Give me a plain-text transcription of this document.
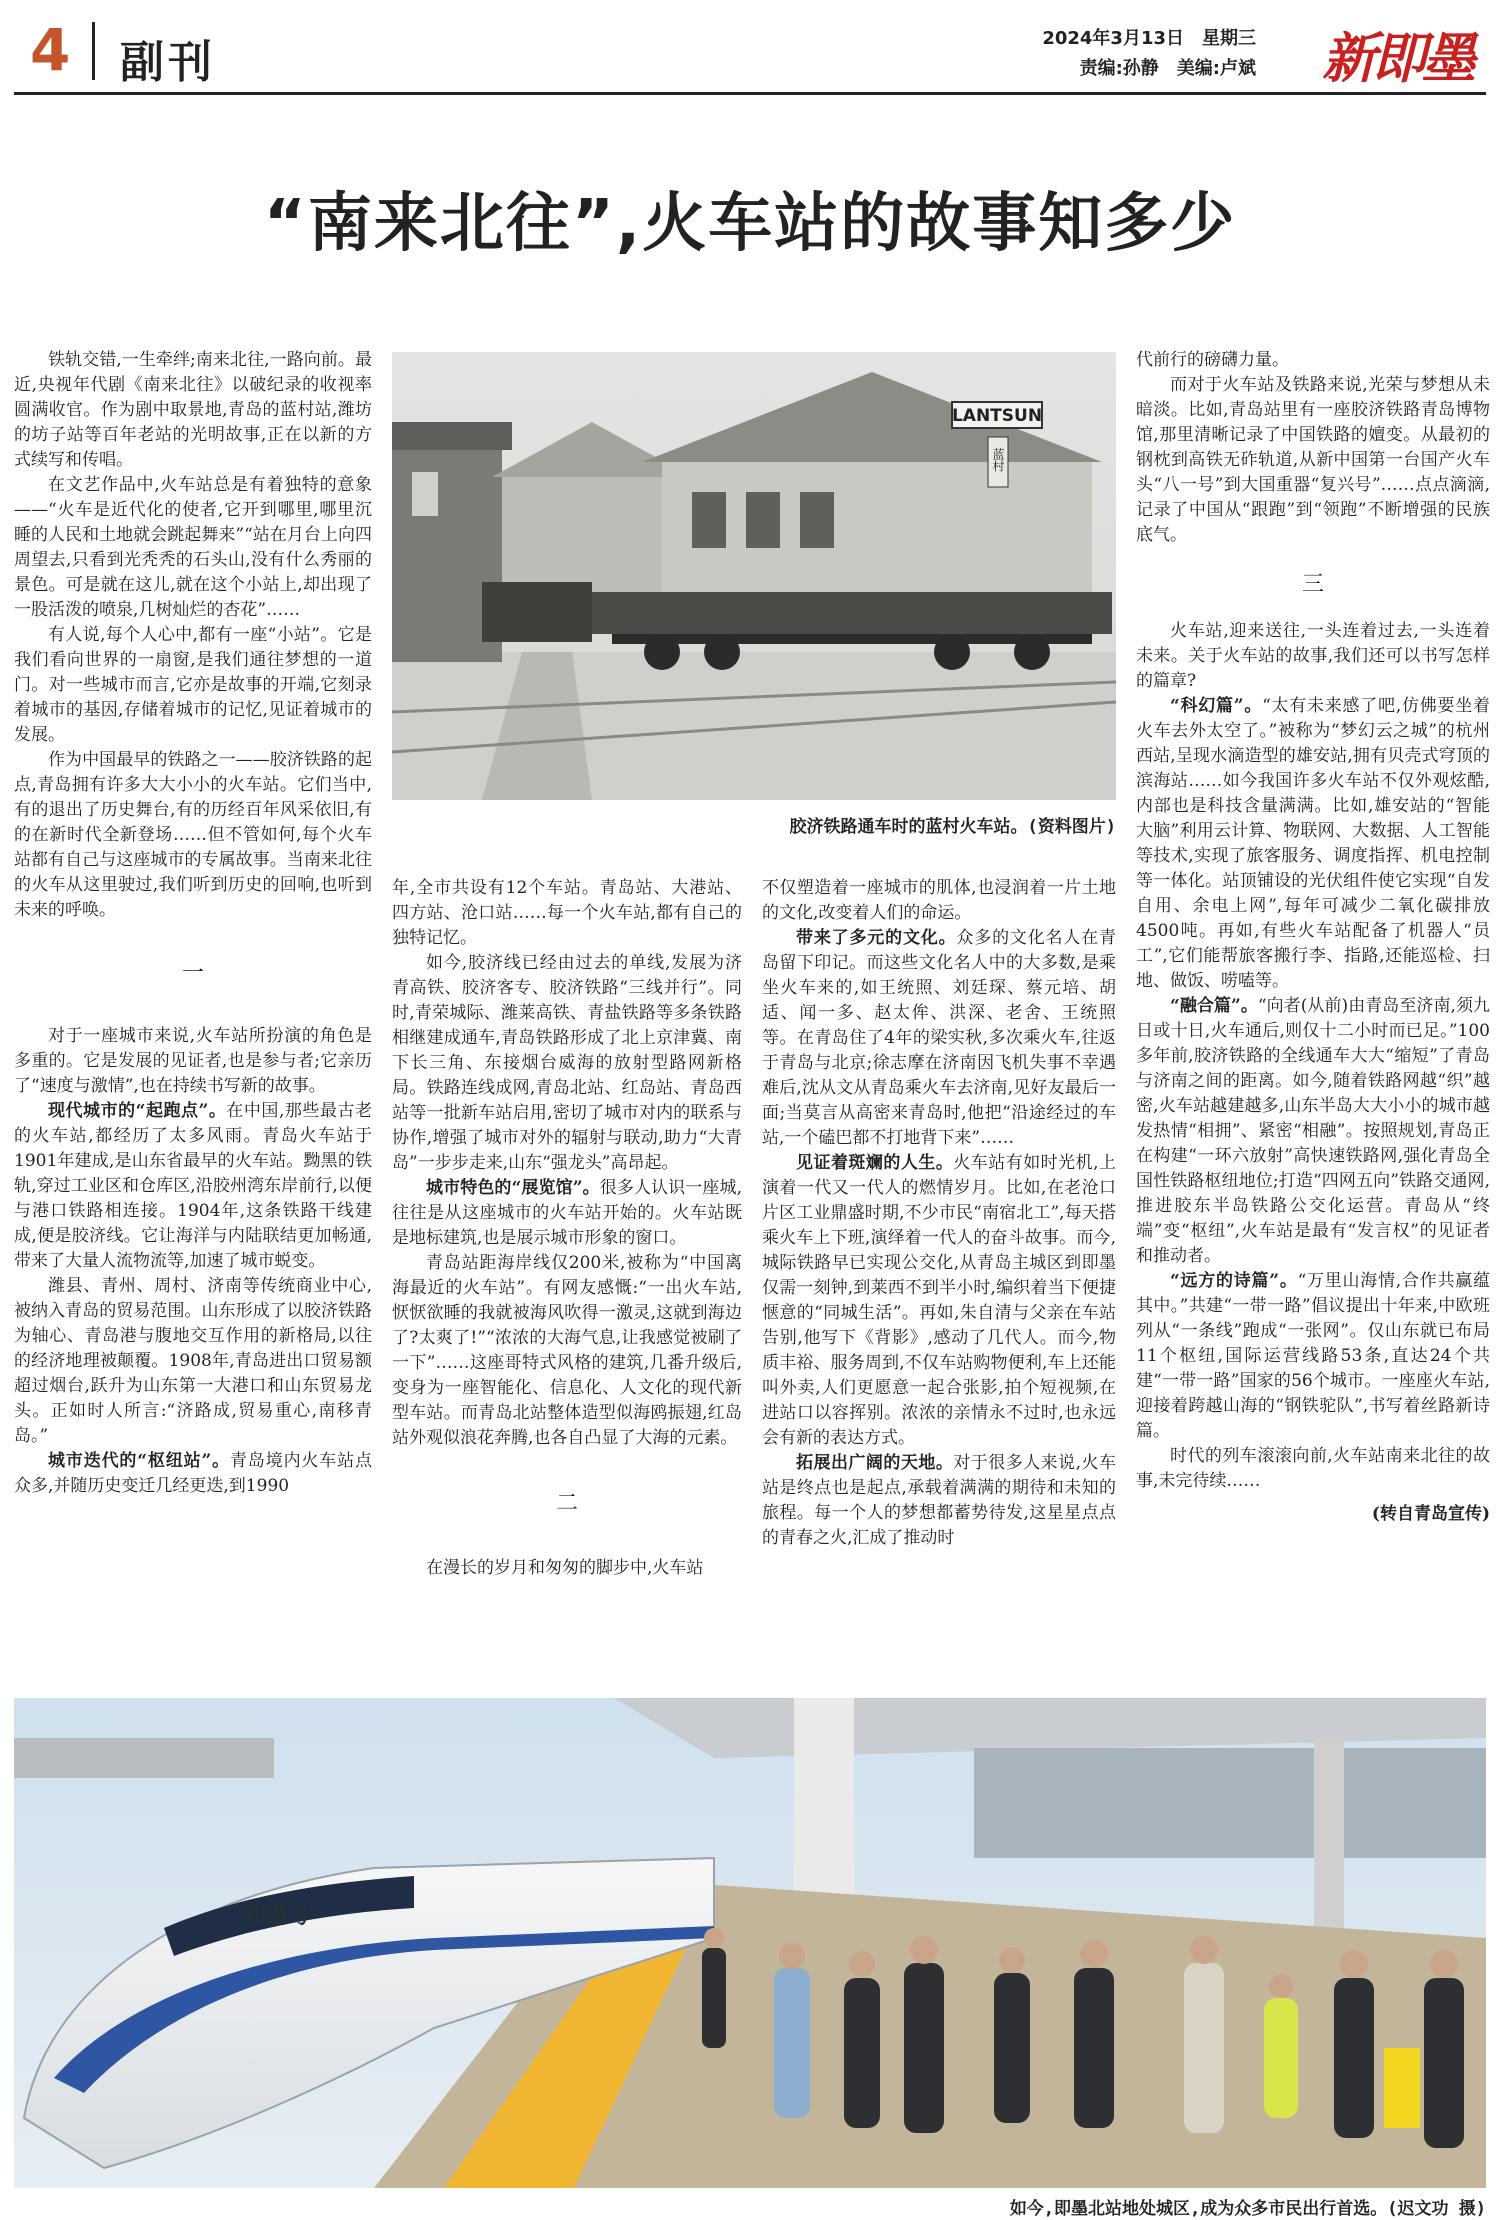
4 副刊	2024年3月13日 星期三
责编:孙静 美编:卢斌 新即墨
“南来北往”,火车站的故事知多少

铁轨交错,一生牵绊;南来北往,一路向前。最近,央视年代剧《南来北往》以破纪录的收视率圆满收官。作为剧中取景地,青岛的蓝村站,潍坊的坊子站等百年老站的光明故事,正在以新的方式续写和传唱。

在文艺作品中,火车站总是有着独特的意象——“火车是近代化的使者,它开到哪里,哪里沉睡的人民和土地就会跳起舞来”“站在月台上向四周望去,只看到光秃秃的石头山,没有什么秀丽的景色。可是就在这儿,就在这个小站上,却出现了一股活泼的喷泉,几树灿烂的杏花”……

有人说,每个人心中,都有一座“小站”。它是我们看向世界的一扇窗,是我们通往梦想的一道门。对一些城市而言,它亦是故事的开端,它刻录着城市的基因,存储着城市的记忆,见证着城市的发展。

作为中国最早的铁路之一——胶济铁路的起点,青岛拥有许多大大小小的火车站。它们当中,有的退出了历史舞台,有的历经百年风采依旧,有的在新时代全新登场……但不管如何,每个火车站都有自己与这座城市的专属故事。当南来北往的火车从这里驶过,我们听到历史的回响,也听到未来的呼唤。

一

对于一座城市来说,火车站所扮演的角色是多重的。它是发展的见证者,也是参与者;它亲历了“速度与激情”,也在持续书写新的故事。

现代城市的“起跑点”。在中国,那些最古老的火车站,都经历了太多风雨。青岛火车站于1901年建成,是山东省最早的火车站。黝黑的铁轨,穿过工业区和仓库区,沿胶州湾东岸前行,以便与港口铁路相连接。1904年,这条铁路干线建成,便是胶济线。它让海洋与内陆联结更加畅通,带来了大量人流物流等,加速了城市蜕变。

潍县、青州、周村、济南等传统商业中心,被纳入青岛的贸易范围。山东形成了以胶济铁路为轴心、青岛港与腹地交互作用的新格局,以往的经济地理被颠覆。1908年,青岛进出口贸易额超过烟台,跃升为山东第一大港口和山东贸易龙头。正如时人所言:“济路成,贸易重心,南移青岛。”

城市迭代的“枢纽站”。青岛境内火车站点众多,并随历史变迁几经更迭,到1990

LANTSUN
蓝村
胶济铁路通车时的蓝村火车站。(资料图片)

年,全市共设有12个车站。青岛站、大港站、四方站、沧口站……每一个火车站,都有自己的独特记忆。

如今,胶济线已经由过去的单线,发展为济青高铁、胶济客专、胶济铁路“三线并行”。同时,青荣城际、潍莱高铁、青盐铁路等多条铁路相继建成通车,青岛铁路形成了北上京津冀、南下长三角、东接烟台威海的放射型路网新格局。铁路连线成网,青岛北站、红岛站、青岛西站等一批新车站启用,密切了城市对内的联系与协作,增强了城市对外的辐射与联动,助力“大青岛”一步步走来,山东“强龙头”高昂起。

城市特色的“展览馆”。很多人认识一座城,往往是从这座城市的火车站开始的。火车站既是地标建筑,也是展示城市形象的窗口。

青岛站距海岸线仅200米,被称为“中国离海最近的火车站”。有网友感慨:“一出火车站,恹恹欲睡的我就被海风吹得一激灵,这就到海边了?太爽了!”“浓浓的大海气息,让我感觉被刷了一下”……这座哥特式风格的建筑,几番升级后,变身为一座智能化、信息化、人文化的现代新型车站。而青岛北站整体造型似海鸥振翅,红岛站外观似浪花奔腾,也各自凸显了大海的元素。

二

在漫长的岁月和匆匆的脚步中,火车站

不仅塑造着一座城市的肌体,也浸润着一片土地的文化,改变着人们的命运。

带来了多元的文化。众多的文化名人在青岛留下印记。而这些文化名人中的大多数,是乘坐火车来的,如王统照、刘廷琛、蔡元培、胡适、闻一多、赵太侔、洪深、老舍、王统照等。在青岛住了4年的梁实秋,多次乘火车,往返于青岛与北京;徐志摩在济南因飞机失事不幸遇难后,沈从文从青岛乘火车去济南,见好友最后一面;当莫言从高密来青岛时,他把“沿途经过的车站,一个磕巴都不打地背下来”……

见证着斑斓的人生。火车站有如时光机,上演着一代又一代人的燃情岁月。比如,在老沧口片区工业鼎盛时期,不少市民“南宿北工”,每天搭乘火车上下班,演绎着一代人的奋斗故事。而今,城际铁路早已实现公交化,从青岛主城区到即墨仅需一刻钟,到莱西不到半小时,编织着当下便捷惬意的“同城生活”。再如,朱自清与父亲在车站告别,他写下《背影》,感动了几代人。而今,物质丰裕、服务周到,不仅车站购物便利,车上还能叫外卖,人们更愿意一起合张影,拍个短视频,在进站口以容挥别。浓浓的亲情永不过时,也永远会有新的表达方式。

拓展出广阔的天地。对于很多人来说,火车站是终点也是起点,承载着满满的期待和未知的旅程。每一个人的梦想都蓄势待发,这星星点点的青春之火,汇成了推动时

代前行的磅礴力量。

而对于火车站及铁路来说,光荣与梦想从未暗淡。比如,青岛站里有一座胶济铁路青岛博物馆,那里清晰记录了中国铁路的嬗变。从最初的钢枕到高铁无砟轨道,从新中国第一台国产火车头“八一号”到大国重器“复兴号”……点点滴滴,记录了中国从“跟跑”到“领跑”不断增强的民族底气。

三

火车站,迎来送往,一头连着过去,一头连着未来。关于火车站的故事,我们还可以书写怎样的篇章?

“科幻篇”。“太有未来感了吧,仿佛要坐着火车去外太空了。”被称为“梦幻云之城”的杭州西站,呈现水滴造型的雄安站,拥有贝壳式穹顶的滨海站……如今我国许多火车站不仅外观炫酷,内部也是科技含量满满。比如,雄安站的“智能大脑”利用云计算、物联网、大数据、人工智能等技术,实现了旅客服务、调度指挥、机电控制等一体化。站顶铺设的光伏组件使它实现“自发自用、余电上网”,每年可减少二氧化碳排放4500吨。再如,有些火车站配备了机器人“员工”,它们能帮旅客搬行李、指路,还能巡检、扫地、做饭、唠嗑等。

“融合篇”。“向者(从前)由青岛至济南,须九日或十日,火车通后,则仅十二小时而已足。”100多年前,胶济铁路的全线通车大大“缩短”了青岛与济南之间的距离。如今,随着铁路网越“织”越密,火车站越建越多,山东半岛大大小小的城市越发热情“相拥”、紧密“相融”。按照规划,青岛正在构建“一环六放射”高快速铁路网,强化青岛全国性铁路枢纽地位;打造“四网五向”铁路交通网,推进胶东半岛铁路公交化运营。青岛从“终端”变“枢纽”,火车站是最有“发言权”的见证者和推动者。

“远方的诗篇”。“万里山海情,合作共赢蕴其中。”共建“一带一路”倡议提出十年来,中欧班列从“一条线”跑成“一张网”。仅山东就已布局11个枢纽,国际运营线路53条,直达24个共建“一带一路”国家的56个城市。一座座火车站,迎接着跨越山海的“钢铁驼队”,书写着丝路新诗篇。

时代的列车滚滚向前,火车站南来北往的故事,未完待续……

(转自青岛宣传)

和谐号
如今,即墨北站地处城区,成为众多市民出行首选。(迟文功 摄)
